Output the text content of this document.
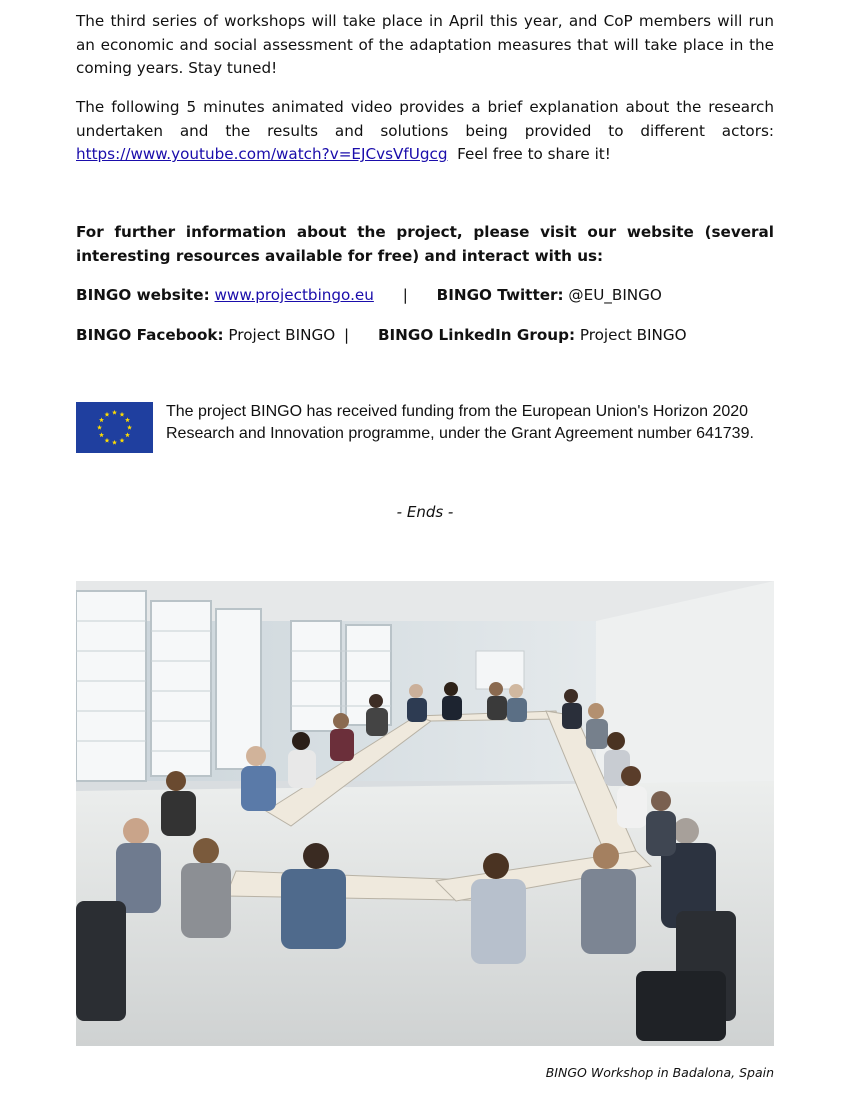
The third series of workshops will take place in April this year, and CoP members will run an economic and social assessment of the adaptation measures that will take place in the coming years. Stay tuned!

The following 5 minutes animated video provides a brief explanation about the research undertaken and the results and solutions being provided to different actors: https://www.youtube.com/watch?v=EJCvsVfUgcg Feel free to share it!

For further information about the project, please visit our website (several interesting resources available for free) and interact with us:

BINGO website: www.projectbingo.eu | BINGO Twitter: @EU_BINGO
BINGO Facebook: Project BINGO | BINGO LinkedIn Group: Project BINGO
The project BINGO has received funding from the European Union's Horizon 2020 Research and Innovation programme, under the Grant Agreement number 641739.
- Ends -
BINGO Workshop in Badalona, Spain
